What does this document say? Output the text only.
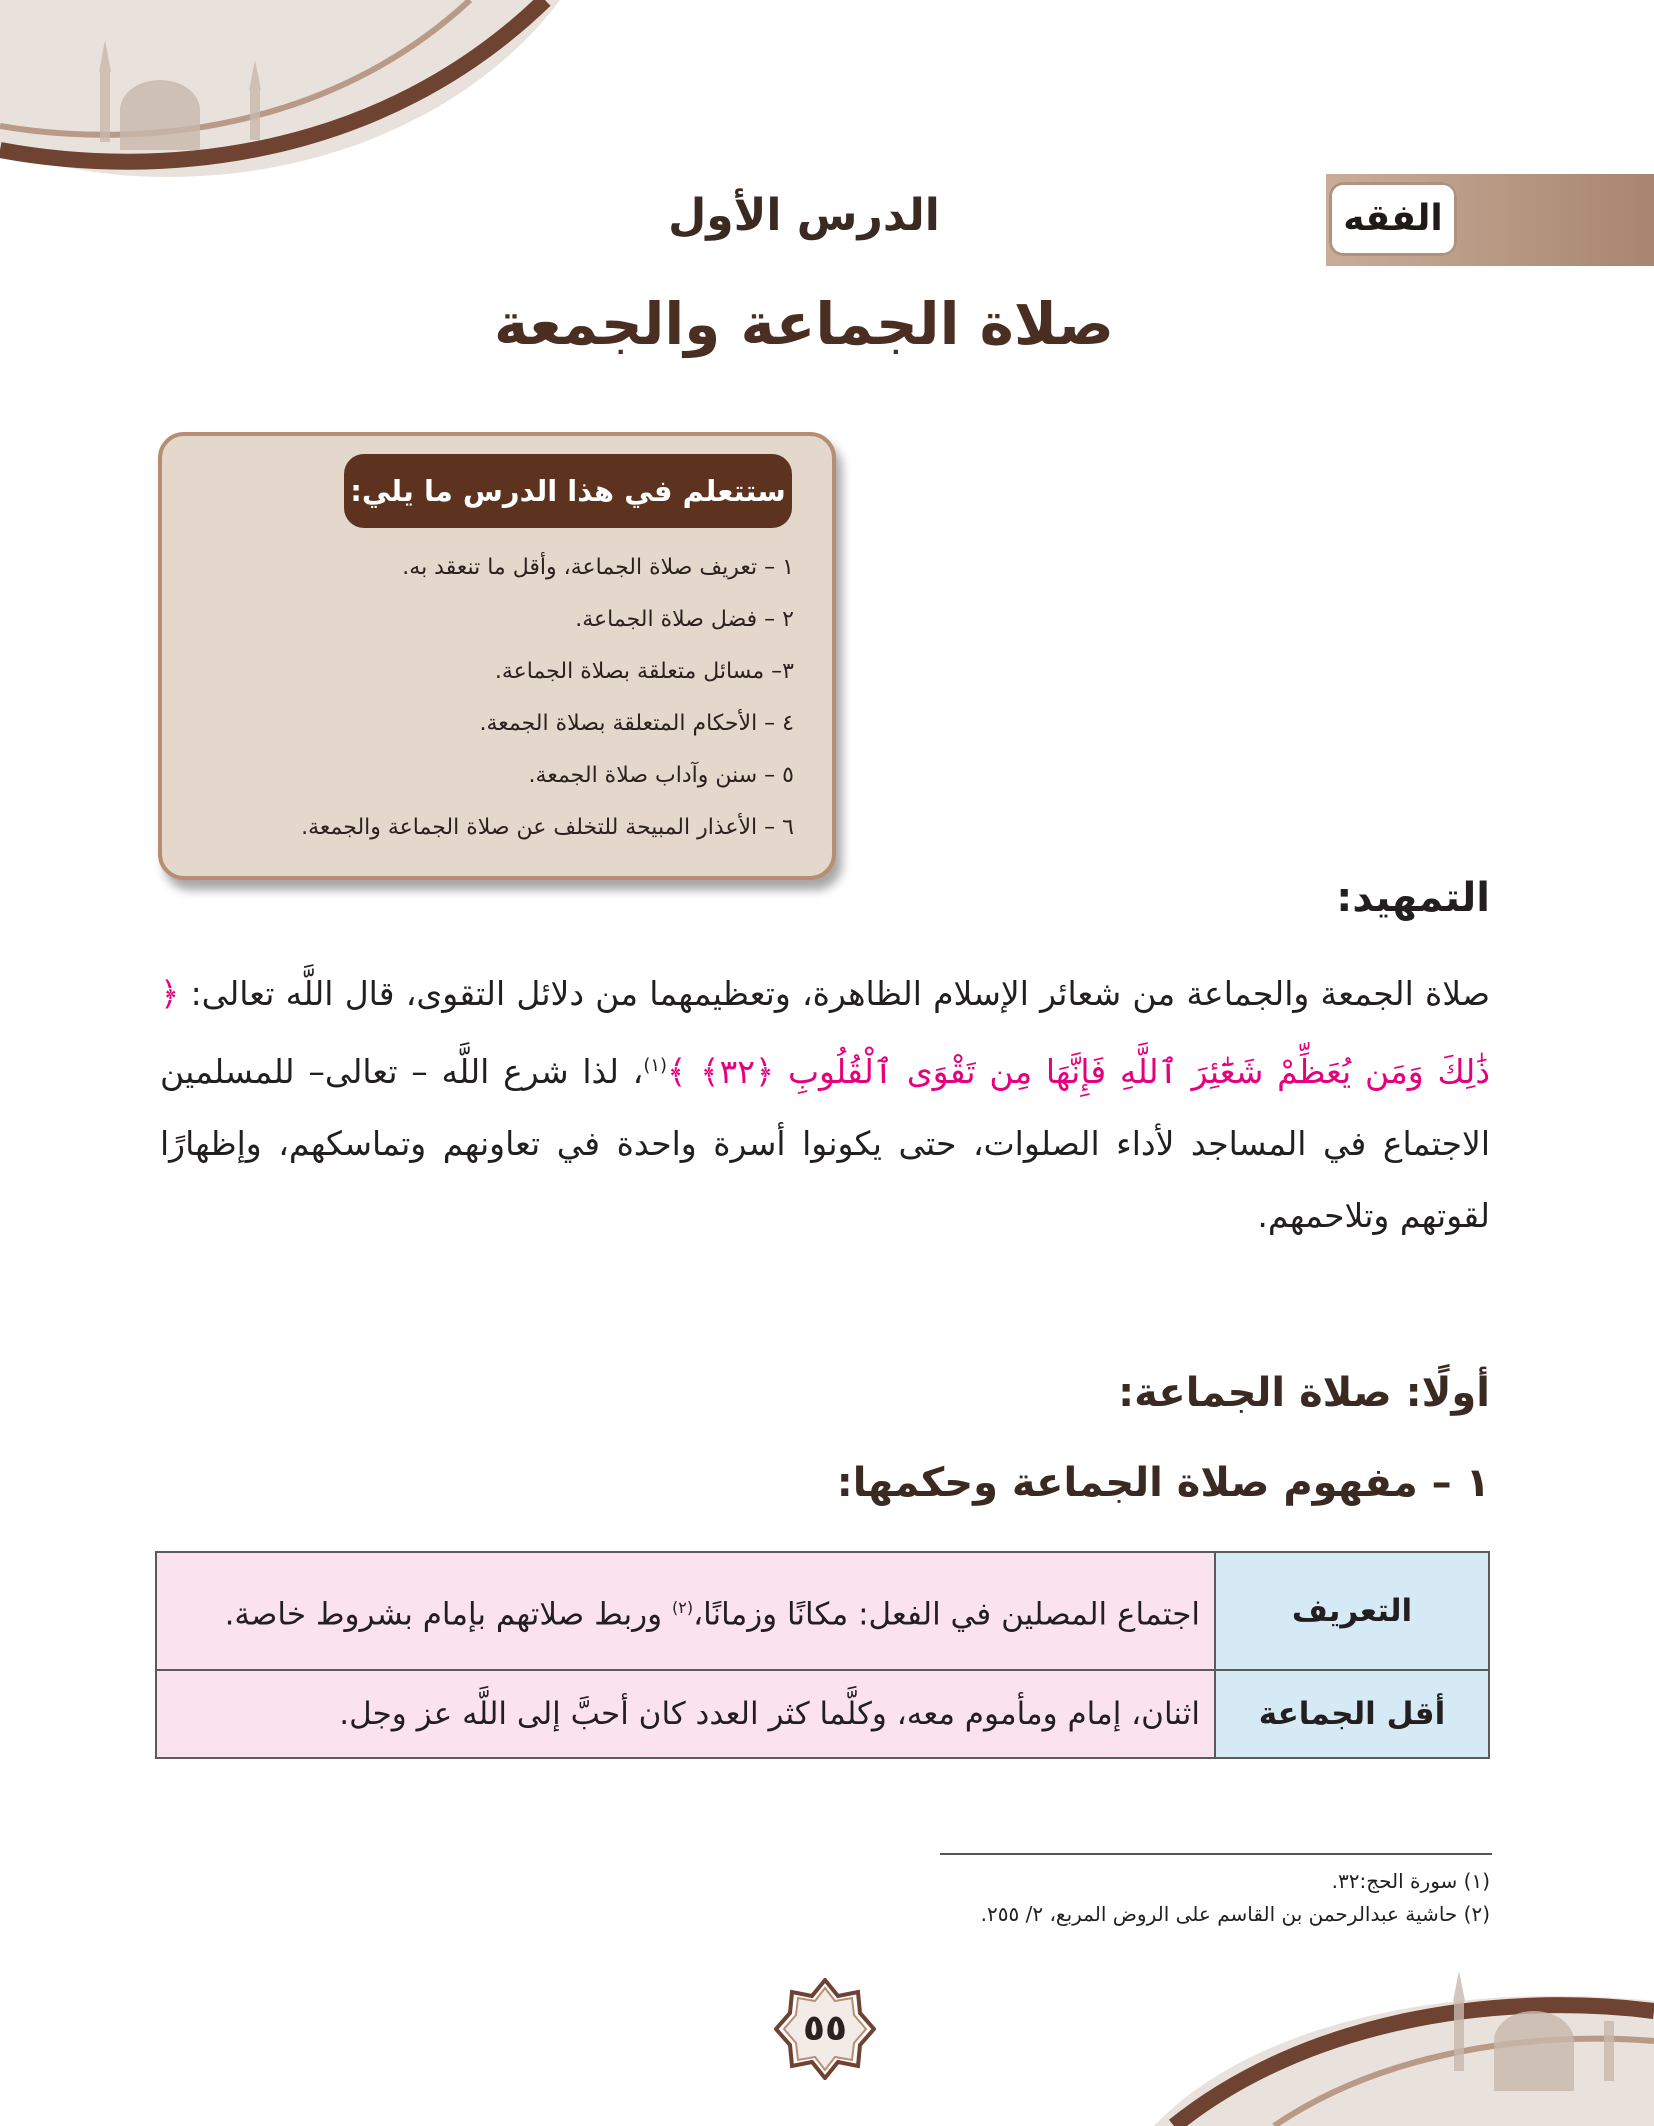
الفقه
الدرس الأول
صلاة الجماعة والجمعة
ستتعلم في هذا الدرس ما يلي:
١ – تعريف صلاة الجماعة، وأقل ما تنعقد به.
٢ – فضل صلاة الجماعة.
٣– مسائل متعلقة بصلاة الجماعة.
٤ – الأحكام المتعلقة بصلاة الجمعة.
٥ – سنن وآداب صلاة الجمعة.
٦ – الأعذار المبيحة للتخلف عن صلاة الجماعة والجمعة.
التمهيد:
صلاة الجمعة والجماعة من شعائر الإسلام الظاهرة، وتعظيمهما من دلائل التقوى، قال اللَّه تعالى: ﴿ ذَٰلِكَ وَمَن يُعَظِّمْ شَعَٰٓئِرَ ٱللَّهِ فَإِنَّهَا مِن تَقْوَى ٱلْقُلُوبِ ﴿٣٢﴾ ﴾$^{(١)}$، لذا شرع اللَّه – تعالى– للمسلمين الاجتماع في المساجد لأداء الصلوات، حتى يكونوا أسرة واحدة في تعاونهم وتماسكهم، وإظهارًا لقوتهم وتلاحمهم.
أولًا: صلاة الجماعة:
١ – مفهوم صلاة الجماعة وحكمها:
التعريف	اجتماع المصلين في الفعل: مكانًا وزمانًا،$^{(٢)}$ وربط صلاتهم بإمام بشروط خاصة.
أقل الجماعة	اثنان، إمام ومأموم معه، وكلَّما كثر العدد كان أحبَّ إلى اللَّه عز وجل.
(١) سورة الحج:٣٢.
(٢) حاشية عبدالرحمن بن القاسم على الروض المربع، ٢/ ٢٥٥.
٥٥
